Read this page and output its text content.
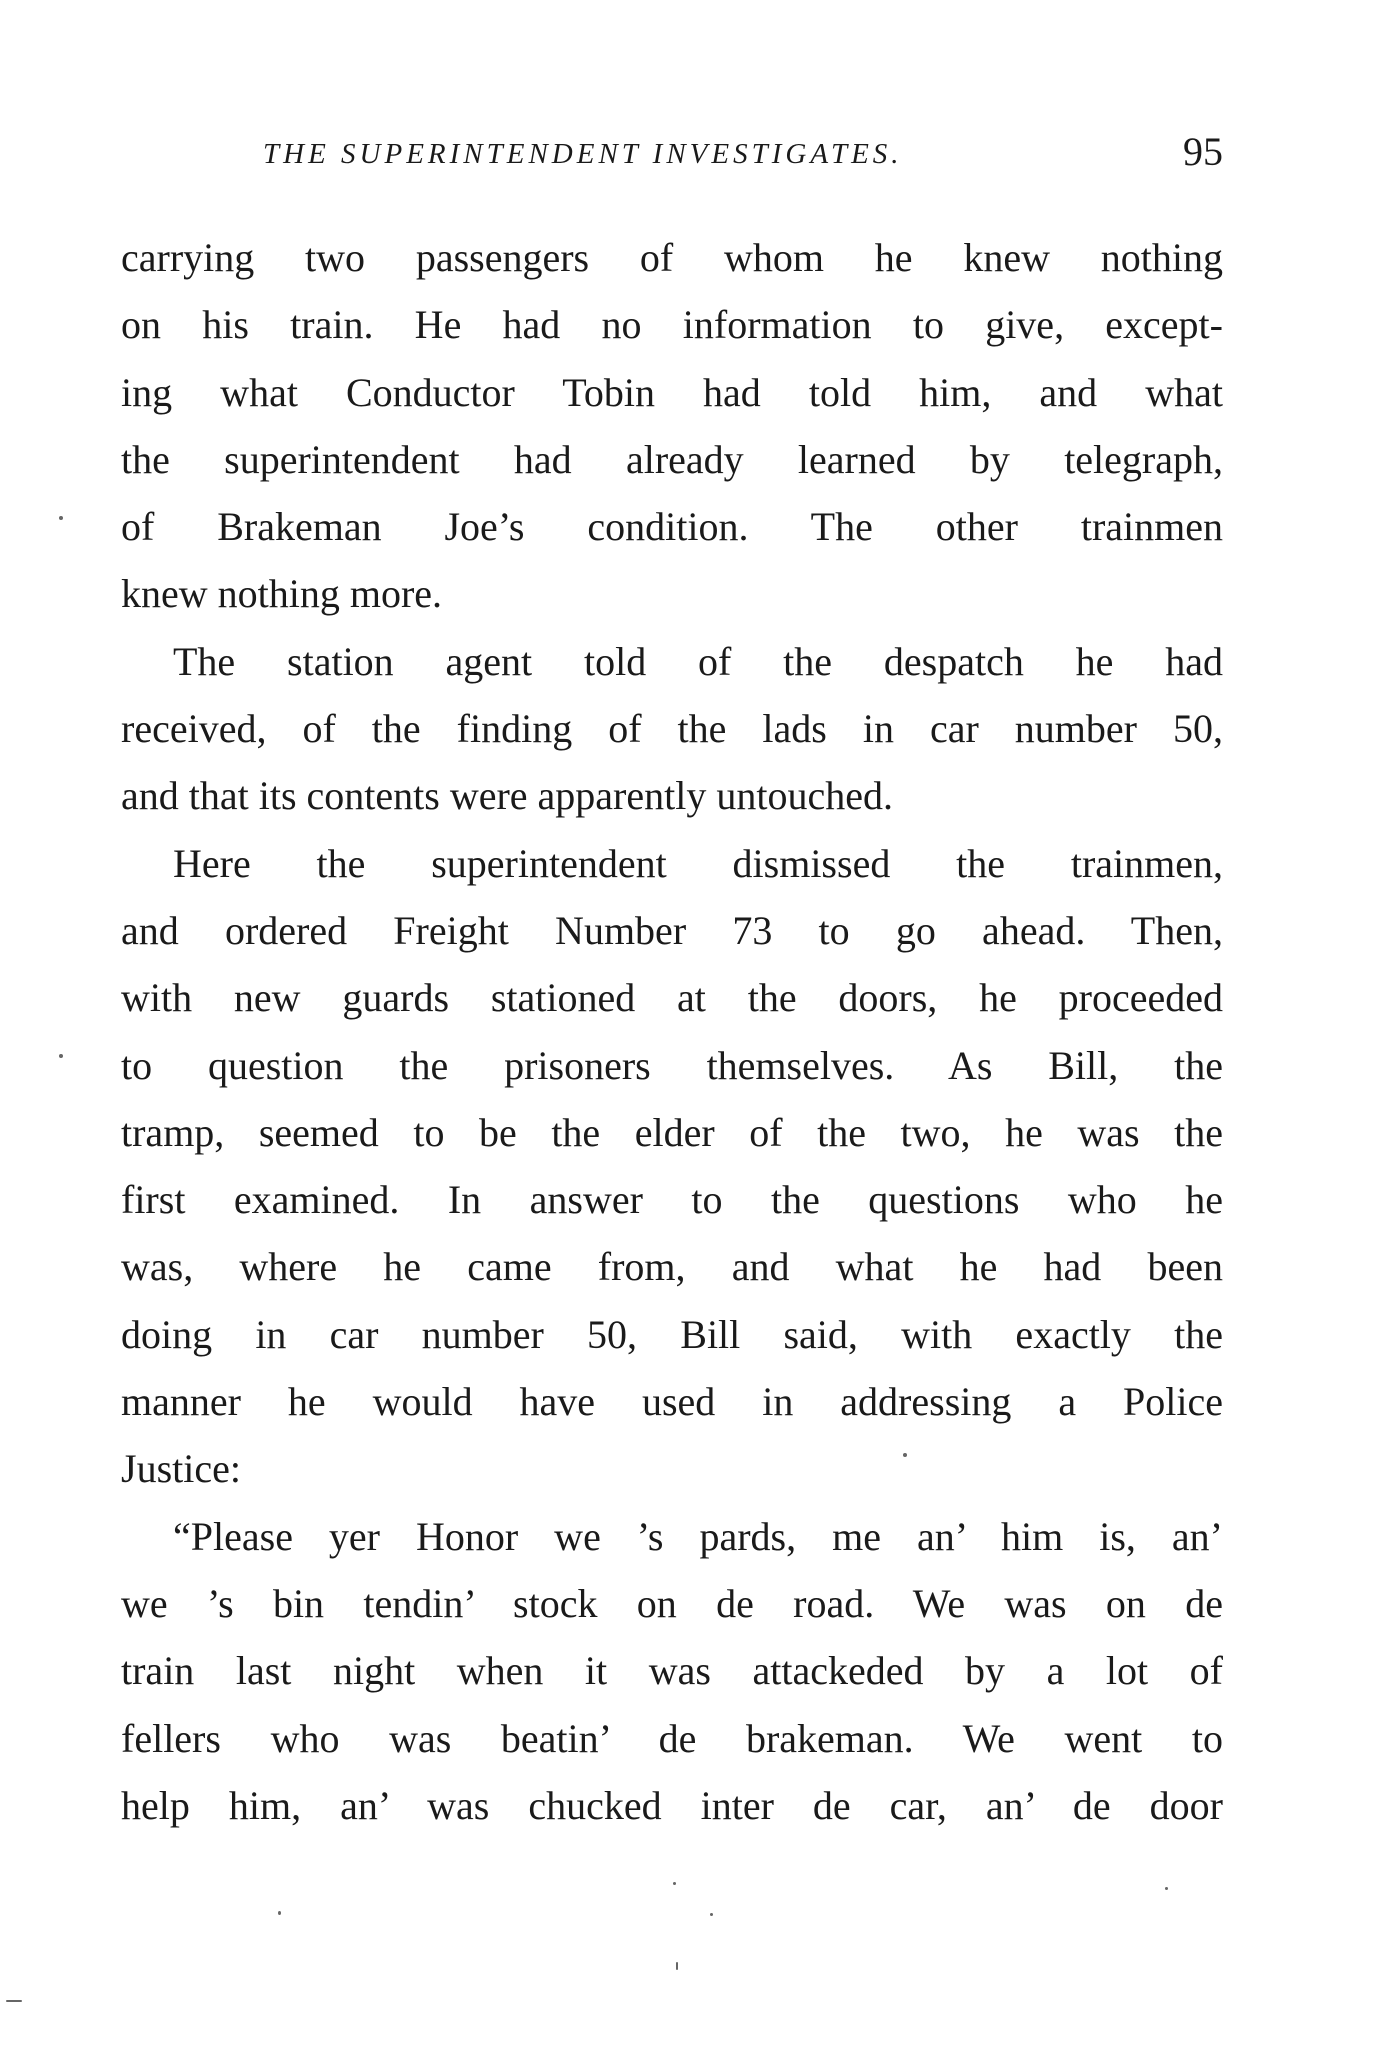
THE SUPERINTENDENT INVESTIGATES.	95
carrying two passengers of whom he knew nothing
on his train. He had no information to give, except-
ing what Conductor Tobin had told him, and what
the superintendent had already learned by telegraph,
of Brakeman Joe’s condition. The other trainmen
knew nothing more.
The station agent told of the despatch he had
received, of the finding of the lads in car number 50,
and that its contents were apparently untouched.
Here the superintendent dismissed the trainmen,
and ordered Freight Number 73 to go ahead. Then,
with new guards stationed at the doors, he proceeded
to question the prisoners themselves. As Bill, the
tramp, seemed to be the elder of the two, he was the
first examined. In answer to the questions who he
was, where he came from, and what he had been
doing in car number 50, Bill said, with exactly the
manner he would have used in addressing a Police
Justice:
“Please yer Honor we ’s pards, me an’ him is, an’
we ’s bin tendin’ stock on de road. We was on de
train last night when it was attackeded by a lot of
fellers who was beatin’ de brakeman. We went to
help him, an’ was chucked inter de car, an’ de door
